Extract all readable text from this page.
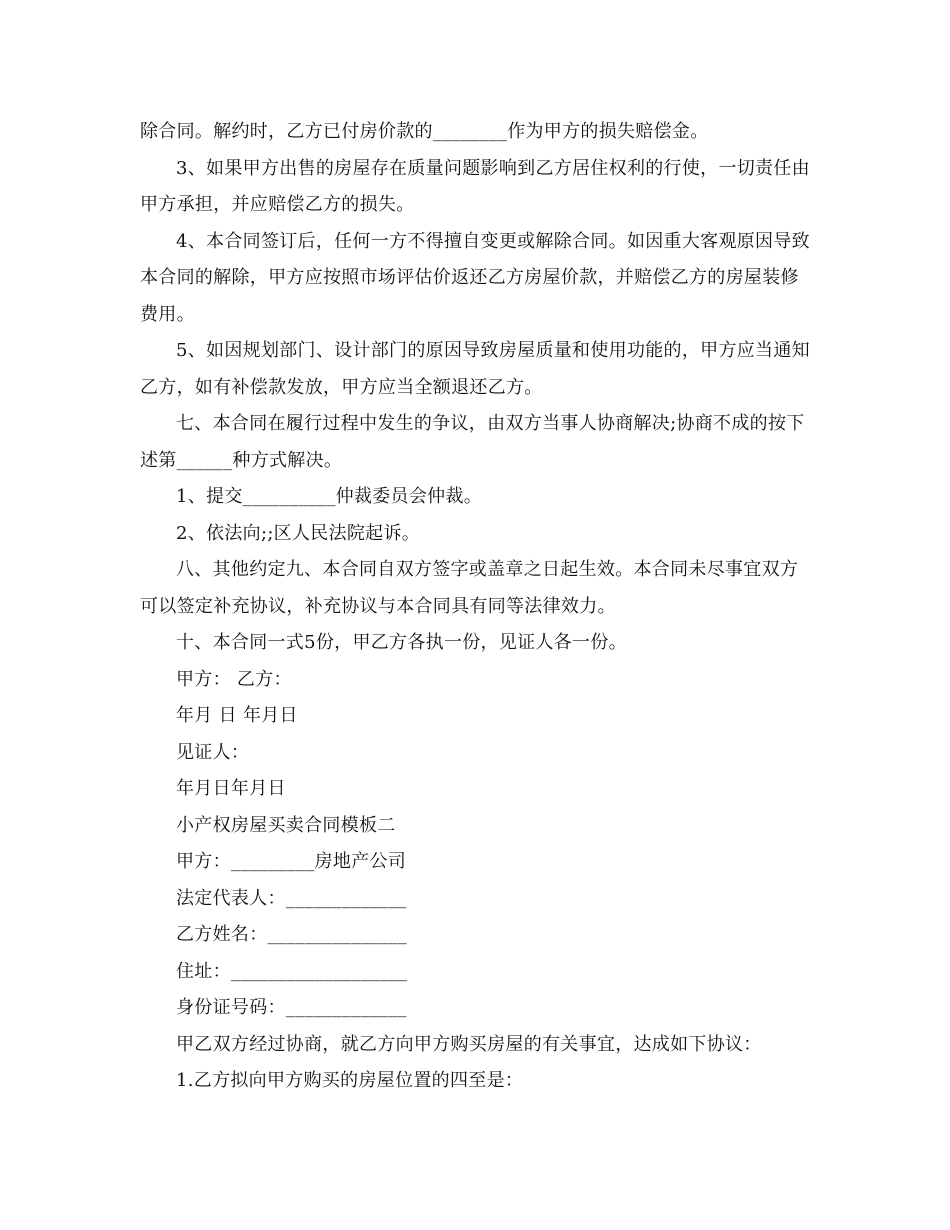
除合同。解约时，乙方已付房价款的________作为甲方的损失赔偿金。

3、如果甲方出售的房屋存在质量问题影响到乙方居住权利的行使，一切责任由甲方承担，并应赔偿乙方的损失。

4、本合同签订后，任何一方不得擅自变更或解除合同。如因重大客观原因导致本合同的解除，甲方应按照市场评估价返还乙方房屋价款，并赔偿乙方的房屋装修费用。

5、如因规划部门、设计部门的原因导致房屋质量和使用功能的，甲方应当通知乙方，如有补偿款发放，甲方应当全额退还乙方。

七、本合同在履行过程中发生的争议，由双方当事人协商解决;协商不成的按下述第______种方式解决。

1、提交__________仲裁委员会仲裁。

2、依法向;;区人民法院起诉。

八、其他约定九、本合同自双方签字或盖章之日起生效。本合同未尽事宜双方可以签定补充协议，补充协议与本合同具有同等法律效力。

十、本合同一式5份，甲乙方各执一份，见证人各一份。

甲方： 乙方：

年月 日 年月日

见证人：

年月日年月日

小产权房屋买卖合同模板二

甲方：_________房地产公司

法定代表人：_____________

乙方姓名：_______________

住址：___________________

身份证号码：_____________

甲乙双方经过协商，就乙方向甲方购买房屋的有关事宜，达成如下协议：

1.乙方拟向甲方购买的房屋位置的四至是：
